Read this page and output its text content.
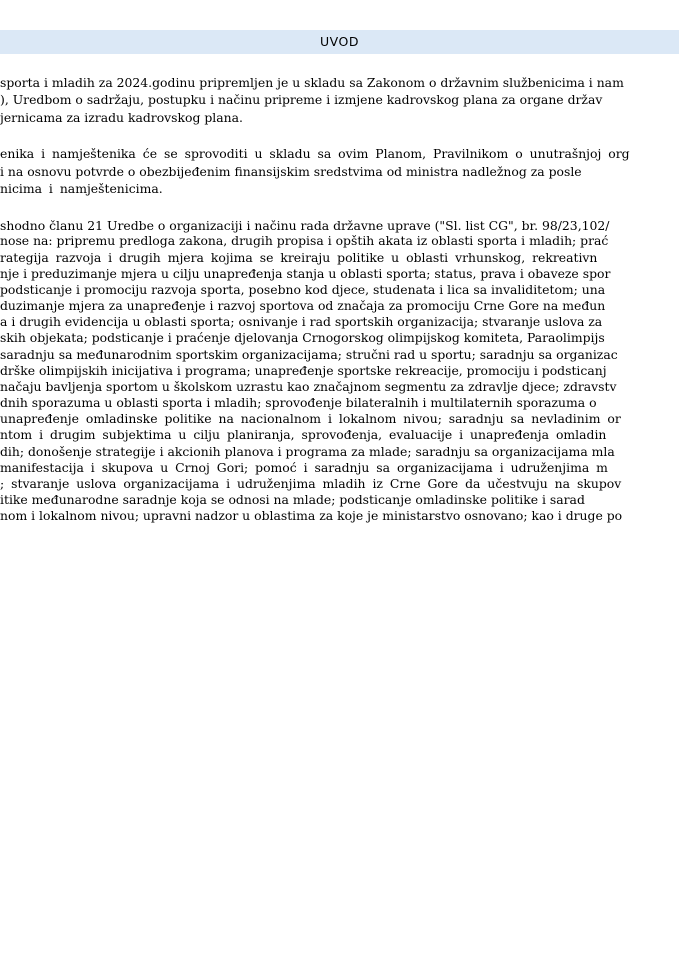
UVOD
sporta i mladih za 2024.godinu pripremljen je u skladu sa Zakonom o državnim službenicima i nam
), Uredbom o sadržaju, postupku i načinu pripreme i izmjene kadrovskog plana za organe držav
jernicama za izradu kadrovskog plana.
enika i namještenika će se sprovoditi u skladu sa ovim Planom, Pravilnikom o unutrašnjoj org
i na osnovu potvrde o obezbijeđenim finansijskim sredstvima od ministra nadležnog za posle
nicima i namještenicima.
shodno članu 21 Uredbe o organizaciji i načinu rada državne uprave ("Sl. list CG", br. 98/23,102/
nose na: pripremu predloga zakona, drugih propisa i opštih akata iz oblasti sporta i mladih; prać
rategija razvoja i drugih mjera kojima se kreiraju politike u oblasti vrhunskog, rekreativn
nje i preduzimanje mjera u cilju unapređenja stanja u oblasti sporta; status, prava i obaveze spor
podsticanje i promociju razvoja sporta, posebno kod djece, studenata i lica sa invaliditetom; una
duzimanje mjera za unapređenje i razvoj sportova od značaja za promociju Crne Gore na međun
a i drugih evidencija u oblasti sporta; osnivanje i rad sportskih organizacija; stvaranje uslova za
skih objekata; podsticanje i praćenje djelovanja Crnogorskog olimpijskog komiteta, Paraolimpijs
saradnju sa međunarodnim sportskim organizacijama; stručni rad u sportu; saradnju sa organizac
drške olimpijskih inicijativa i programa; unapređenje sportske rekreacije, promociju i podsticanj
načaju bavljenja sportom u školskom uzrastu kao značajnom segmentu za zdravlje djece; zdravstv
dnih sporazuma u oblasti sporta i mladih; sprovođenje bilateralnih i multilaternih sporazuma o
unapređenje omladinske politike na nacionalnom i lokalnom nivou; saradnju sa nevladinim or
ntom i drugim subjektima u cilju planiranja, sprovođenja, evaluacije i unapređenja omladin
dih; donošenje strategije i akcionih planova i programa za mlade; saradnju sa organizacijama mla
manifestacija i skupova u Crnoj Gori; pomoć i saradnju sa organizacijama i udruženjima m
; stvaranje uslova organizacijama i udruženjima mladih iz Crne Gore da učestvuju na skupov
itike međunarodne saradnje koja se odnosi na mlade; podsticanje omladinske politike i sarad
nom i lokalnom nivou; upravni nadzor u oblastima za koje je ministarstvo osnovano; kao i druge po
